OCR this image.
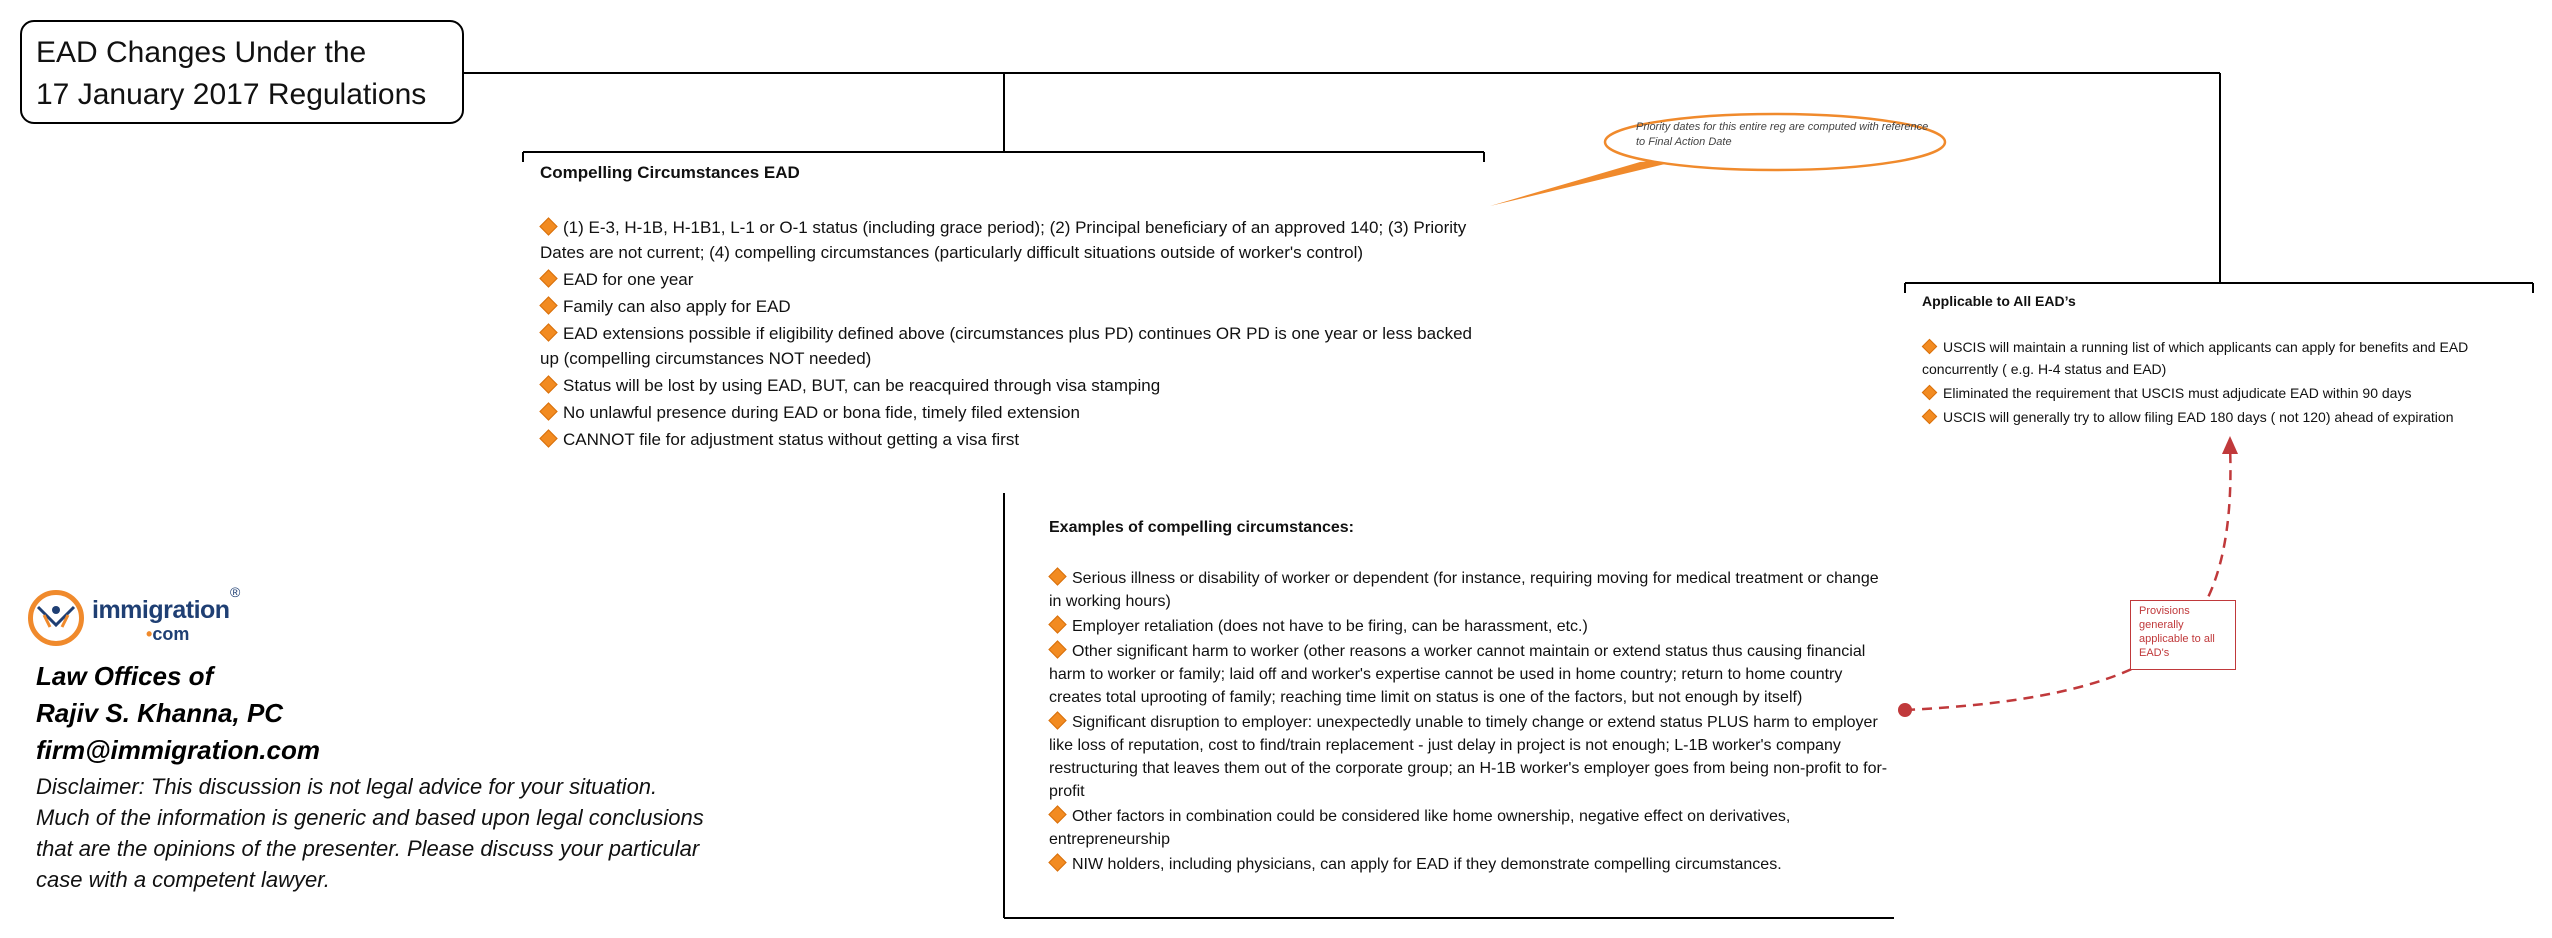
EAD Changes Under the
17 January 2017 Regulations
Compelling Circumstances EAD
(1) E-3, H-1B, H-1B1, L-1 or O-1 status (including grace period); (2) Principal beneficiary of an approved 140; (3) Priority Dates are not current; (4) compelling circumstances (particularly difficult situations outside of worker's control)
EAD for one year
Family can also apply for EAD
EAD extensions possible if eligibility defined above (circumstances plus PD) continues OR PD is one year or less backed up (compelling circumstances NOT needed)
Status will be lost by using EAD, BUT, can be reacquired through visa stamping
No unlawful presence during EAD or bona fide, timely filed extension
CANNOT file for adjustment status without getting a visa first
Priority dates for this entire reg are computed with reference to Final Action Date
Applicable to All EAD’s
USCIS will maintain a running list of which applicants can apply for benefits and EAD concurrently ( e.g. H-4 status and EAD)
Eliminated the requirement that USCIS must adjudicate EAD within 90 days
USCIS will generally try to allow filing EAD 180 days ( not 120) ahead of expiration
Examples of compelling circumstances:
Serious illness or disability of worker or dependent (for instance, requiring moving for medical treatment or change in working hours)
Employer retaliation (does not have to be firing, can be harassment, etc.)
Other significant harm to worker (other reasons a worker cannot maintain or extend status thus causing financial harm to worker or family; laid off and worker's expertise cannot be used in home country; return to home country creates total uprooting of family; reaching time limit on status is one of the factors, but not enough by itself)
Significant disruption to employer: unexpectedly unable to timely change or extend status PLUS harm to employer like loss of reputation, cost to find/train replacement - just delay in project is not enough; L-1B worker's company restructuring that leaves them out of the corporate group; an H-1B worker's employer goes from being non-profit to for-profit
Other factors in combination could be considered like home ownership, negative effect on derivatives, entrepreneurship
NIW holders, including physicians, can apply for EAD if they demonstrate compelling circumstances.
Provisions generally applicable to all EAD's
immigration
•com
®
Law Offices of
Rajiv S. Khanna, PC
firm@immigration.com
Disclaimer: This discussion is not legal advice for your situation. Much of the information is generic and based upon legal conclusions that are the opinions of the presenter. Please discuss your particular case with a competent lawyer.
